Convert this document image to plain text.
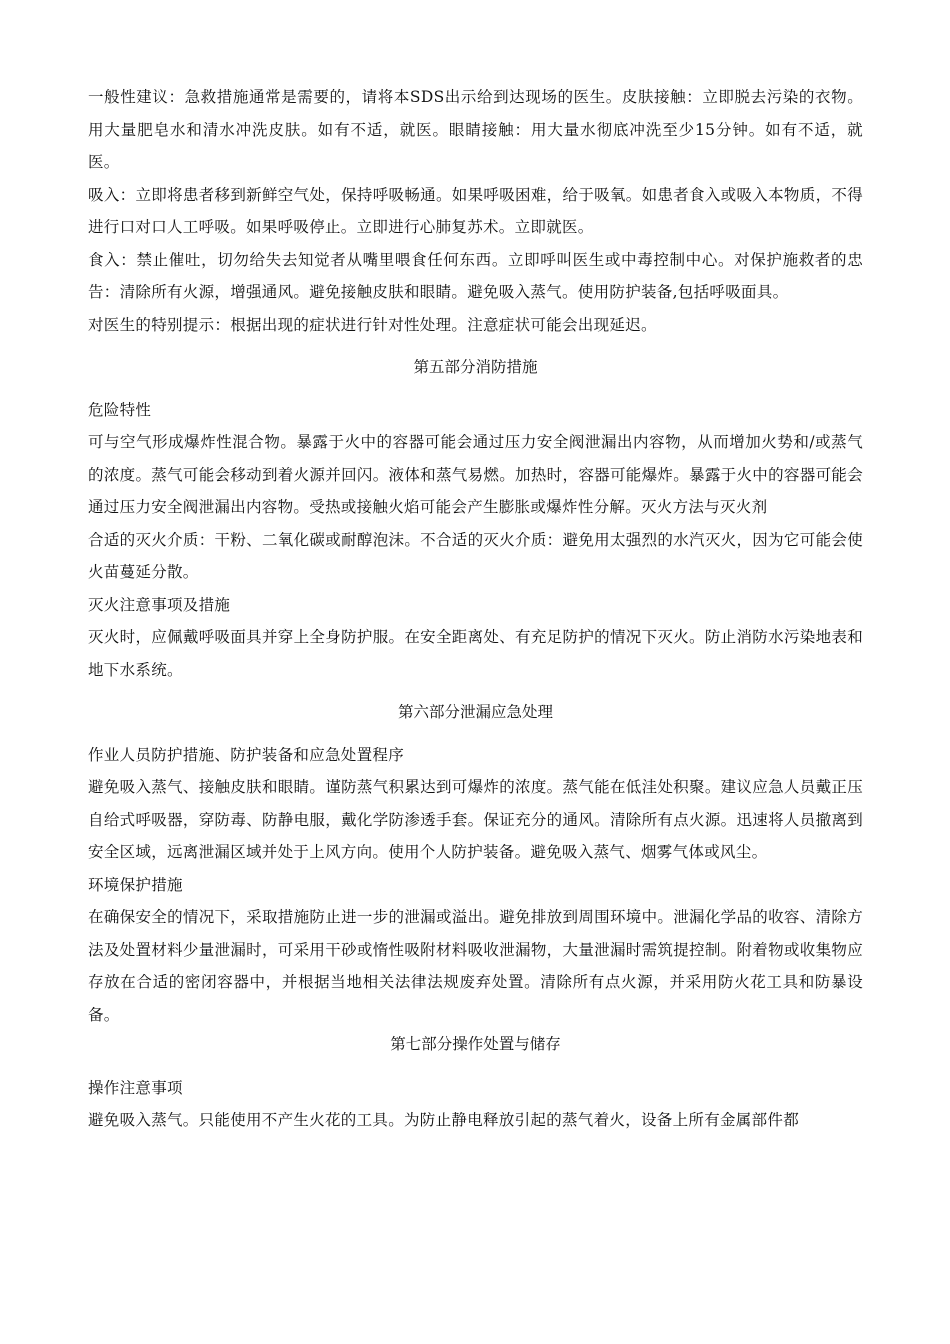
一般性建议：急救措施通常是需要的，请将本SDS出示给到达现场的医生。皮肤接触：立即脱去污染的衣物。用大量肥皂水和清水冲洗皮肤。如有不适，就医。眼睛接触：用大量水彻底冲洗至少15分钟。如有不适，就医。

吸入：立即将患者移到新鲜空气处，保持呼吸畅通。如果呼吸困难，给于吸氧。如患者食入或吸入本物质，不得进行口对口人工呼吸。如果呼吸停止。立即进行心肺复苏术。立即就医。

食入：禁止催吐，切勿给失去知觉者从嘴里喂食任何东西。立即呼叫医生或中毒控制中心。对保护施救者的忠告：清除所有火源，增强通风。避免接触皮肤和眼睛。避免吸入蒸气。使用防护装备,包括呼吸面具。

对医生的特别提示：根据出现的症状进行针对性处理。注意症状可能会出现延迟。

第五部分消防措施

危险特性

可与空气形成爆炸性混合物。暴露于火中的容器可能会通过压力安全阀泄漏出内容物，从而增加火势和/或蒸气的浓度。蒸气可能会移动到着火源并回闪。液体和蒸气易燃。加热时，容器可能爆炸。暴露于火中的容器可能会通过压力安全阀泄漏出内容物。受热或接触火焰可能会产生膨胀或爆炸性分解。灭火方法与灭火剂

合适的灭火介质：干粉、二氧化碳或耐醇泡沫。不合适的灭火介质：避免用太强烈的水汽灭火，因为它可能会使火苗蔓延分散。

灭火注意事项及措施

灭火时，应佩戴呼吸面具并穿上全身防护服。在安全距离处、有充足防护的情况下灭火。防止消防水污染地表和地下水系统。

第六部分泄漏应急处理

作业人员防护措施、防护装备和应急处置程序

避免吸入蒸气、接触皮肤和眼睛。谨防蒸气积累达到可爆炸的浓度。蒸气能在低洼处积聚。建议应急人员戴正压自给式呼吸器，穿防毒、防静电服，戴化学防渗透手套。保证充分的通风。清除所有点火源。迅速将人员撤离到安全区域，远离泄漏区域并处于上风方向。使用个人防护装备。避免吸入蒸气、烟雾气体或风尘。

环境保护措施

在确保安全的情况下，采取措施防止进一步的泄漏或溢出。避免排放到周围环境中。泄漏化学品的收容、清除方法及处置材料少量泄漏时，可采用干砂或惰性吸附材料吸收泄漏物，大量泄漏时需筑提控制。附着物或收集物应存放在合适的密闭容器中，并根据当地相关法律法规废弃处置。清除所有点火源，并采用防火花工具和防暴设备。

第七部分操作处置与储存

操作注意事项

避免吸入蒸气。只能使用不产生火花的工具。为防止静电释放引起的蒸气着火，设备上所有金属部件都
